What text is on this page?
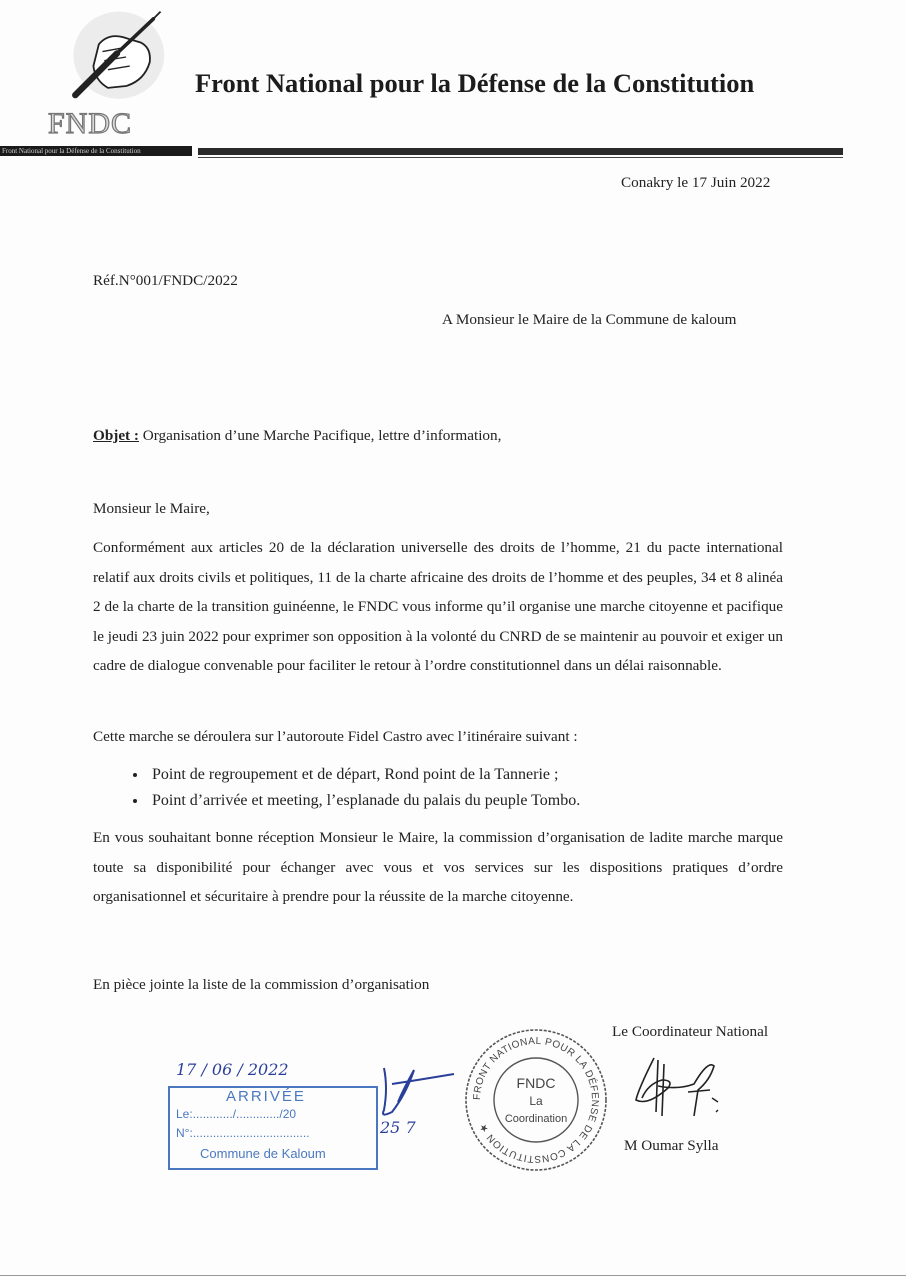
FNDC
Front National pour la Défense de la Constitution
Front National pour la Défense de la Constitution
Conakry le 17 Juin 2022
Réf.N°001/FNDC/2022
A Monsieur le Maire de la Commune de kaloum
Objet : Organisation d’une Marche Pacifique, lettre d’information,
Monsieur le Maire,
Conformément aux articles 20 de la déclaration universelle des droits de l’homme, 21 du pacte international relatif aux droits civils et politiques, 11 de la charte africaine des droits de l’homme et des peuples, 34 et 8 alinéa 2 de la charte de la transition guinéenne, le FNDC vous informe qu’il organise une marche citoyenne et pacifique le jeudi 23 juin 2022 pour exprimer son opposition à la volonté du CNRD de se maintenir au pouvoir et exiger un cadre de dialogue convenable pour faciliter le retour à l’ordre constitutionnel dans un délai raisonnable.
Cette marche se déroulera sur l’autoroute Fidel Castro avec l’itinéraire suivant :
• Point de regroupement et de départ, Rond point de la Tannerie ;
• Point d’arrivée et meeting, l’esplanade du palais du peuple Tombo.
En vous souhaitant bonne réception Monsieur le Maire, la commission d’organisation de ladite marche marque toute sa disponibilité pour échanger avec vous et vos services sur les dispositions pratiques d’ordre organisationnel et sécuritaire à prendre pour la réussite de la marche citoyenne.
En pièce jointe la liste de la commission d’organisation
Le Coordinateur National
M Oumar Sylla
FRONT NATIONAL POUR LA DÉFENSE DE LA CONSTITUTION ★
FNDC
La
Coordination
ARRIVÉE
Le:............/............./20
N°:...................................
Commune de Kaloum
17 / 06 / 2022
25 7
